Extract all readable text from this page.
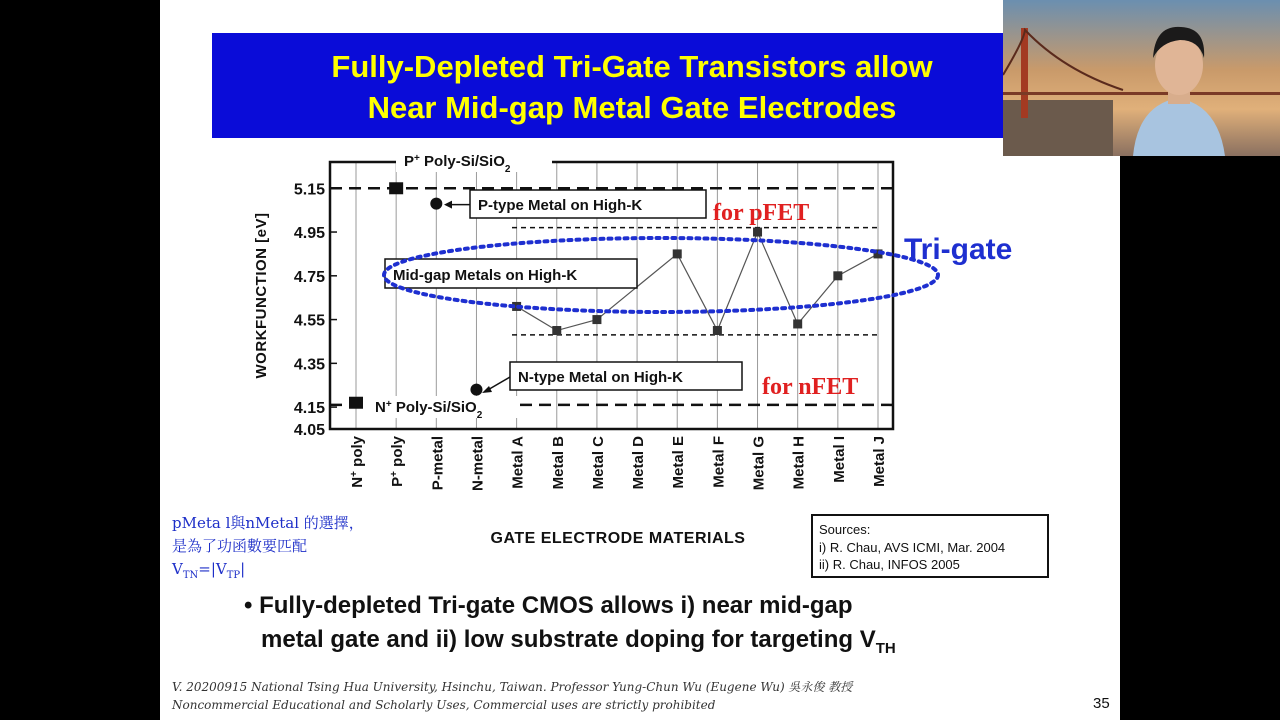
Fully-Depleted Tri-Gate Transistors allow
Near Mid-gap Metal Gate Electrodes
5.15
4.95
4.75
4.55
4.35
4.15
4.05
WORKFUNCTION [eV]
N+ poly
P+ poly P-metal N-metal Metal A Metal B Metal C Metal D Metal E Metal F Metal G Metal H Metal I Metal J
GATE ELECTRODE MATERIALS
P+ Poly-Si/SiO$_2$
N+ Poly-Si/SiO$_2$
P-type Metal on High-K
N-type Metal on High-K
Mid-gap Metals on High-K
Tri-gate
for pFET
for nFET
pMeta l與nMetal 的選擇，
是為了功函數要匹配
$V_{TN}=|V_{TP}|$
Sources:
i) R. Chau, AVS ICMI, Mar. 2004
ii) R. Chau, INFOS 2005
• Fully-depleted Tri-gate CMOS allows i) near mid-gap
metal gate and ii) low substrate doping for targeting $V_{TH}$
V. 20200915 National Tsing Hua University, Hsinchu, Taiwan. Professor Yung-Chun Wu (Eugene Wu) 吳永俊 教授
Noncommercial Educational and Scholarly Uses, Commercial uses are strictly prohibited	35
